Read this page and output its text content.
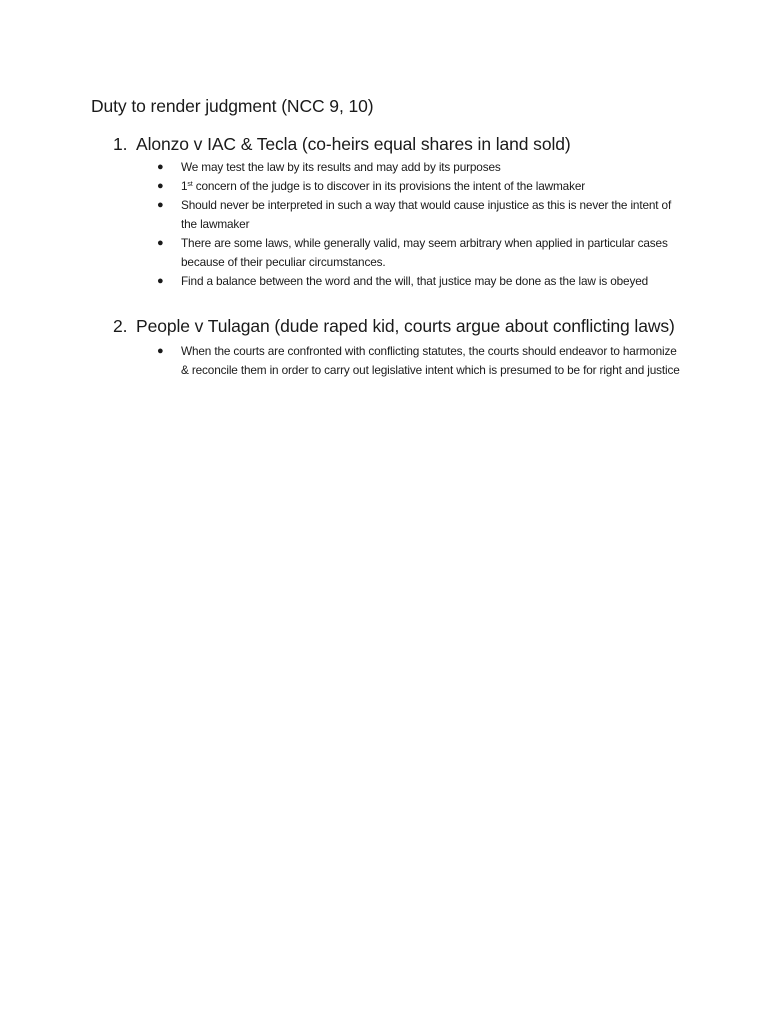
Duty to render judgment (NCC 9, 10)
1. Alonzo v IAC & Tecla (co-heirs equal shares in land sold)
● We may test the law by its results and may add by its purposes
● 1st concern of the judge is to discover in its provisions the intent of the lawmaker
● Should never be interpreted in such a way that would cause injustice as this is never the intent of the lawmaker
● There are some laws, while generally valid, may seem arbitrary when applied in particular cases because of their peculiar circumstances.
● Find a balance between the word and the will, that justice may be done as the law is obeyed
2. People v Tulagan (dude raped kid, courts argue about conflicting laws)
● When the courts are confronted with conflicting statutes, the courts should endeavor to harmonize & reconcile them in order to carry out legislative intent which is presumed to be for right and justice
